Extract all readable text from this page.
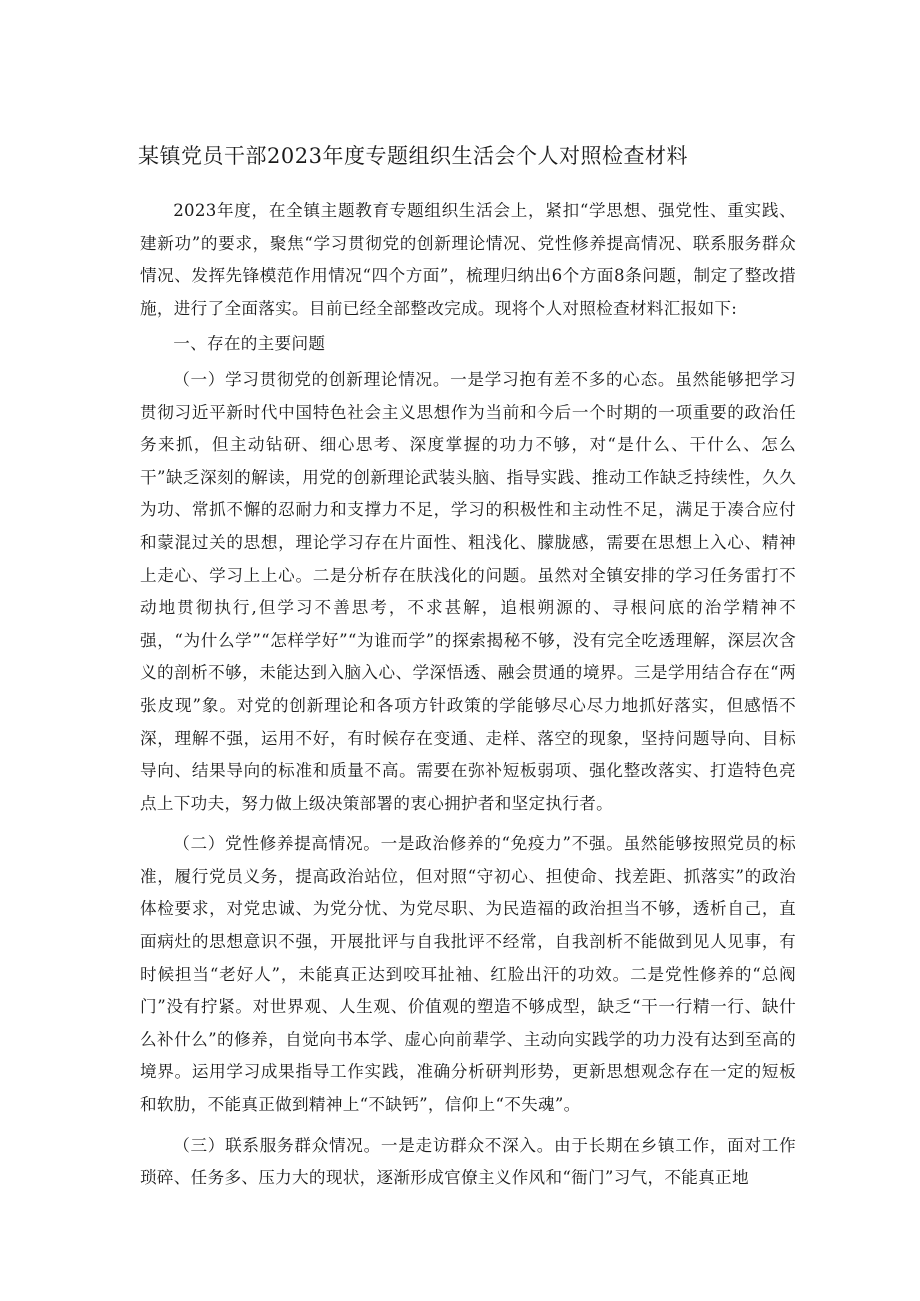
某镇党员干部2023年度专题组织生活会个人对照检查材料

2023年度，在全镇主题教育专题组织生活会上，紧扣“学思想、强党性、重实践、建新功”的要求，聚焦“学习贯彻党的创新理论情况、党性修养提高情况、联系服务群众情况、发挥先锋模范作用情况“四个方面”，梳理归纳出6个方面8条问题，制定了整改措施，进行了全面落实。目前已经全部整改完成。现将个人对照检查材料汇报如下:

一、存在的主要问题

（一）学习贯彻党的创新理论情况。一是学习抱有差不多的心态。虽然能够把学习贯彻习近平新时代中国特色社会主义思想作为当前和今后一个时期的一项重要的政治任务来抓，但主动钻研、细心思考、深度掌握的功力不够，对“是什么、干什么、怎么干”缺乏深刻的解读，用党的创新理论武装头脑、指导实践、推动工作缺乏持续性，久久为功、常抓不懈的忍耐力和支撑力不足，学习的积极性和主动性不足，满足于凑合应付和蒙混过关的思想，理论学习存在片面性、粗浅化、朦胧感，需要在思想上入心、精神上走心、学习上上心。二是分析存在肤浅化的问题。虽然对全镇安排的学习任务雷打不动地贯彻执行,但学习不善思考，不求甚解，追根朔源的、寻根问底的治学精神不强，“为什么学”“怎样学好”“为谁而学”的探索揭秘不够，没有完全吃透理解，深层次含义的剖析不够，未能达到入脑入心、学深悟透、融会贯通的境界。三是学用结合存在“两张皮现”象。对党的创新理论和各项方针政策的学能够尽心尽力地抓好落实，但感悟不深，理解不强，运用不好，有时候存在变通、走样、落空的现象，坚持问题导向、目标导向、结果导向的标准和质量不高。需要在弥补短板弱项、强化整改落实、打造特色亮点上下功夫，努力做上级决策部署的衷心拥护者和坚定执行者。

（二）党性修养提高情况。一是政治修养的“免疫力”不强。虽然能够按照党员的标准，履行党员义务，提高政治站位，但对照“守初心、担使命、找差距、抓落实”的政治体检要求，对党忠诚、为党分忧、为党尽职、为民造福的政治担当不够，透析自己，直面病灶的思想意识不强，开展批评与自我批评不经常，自我剖析不能做到见人见事，有时候担当“老好人”，未能真正达到咬耳扯袖、红脸出汗的功效。二是党性修养的“总阀门”没有拧紧。对世界观、人生观、价值观的塑造不够成型，缺乏“干一行精一行、缺什么补什么”的修养，自觉向书本学、虚心向前辈学、主动向实践学的功力没有达到至高的境界。运用学习成果指导工作实践，准确分析研判形势，更新思想观念存在一定的短板和软肋，不能真正做到精神上“不缺钙”，信仰上“不失魂”。

（三）联系服务群众情况。一是走访群众不深入。由于长期在乡镇工作，面对工作琐碎、任务多、压力大的现状，逐渐形成官僚主义作风和“衙门”习气，不能真正地
